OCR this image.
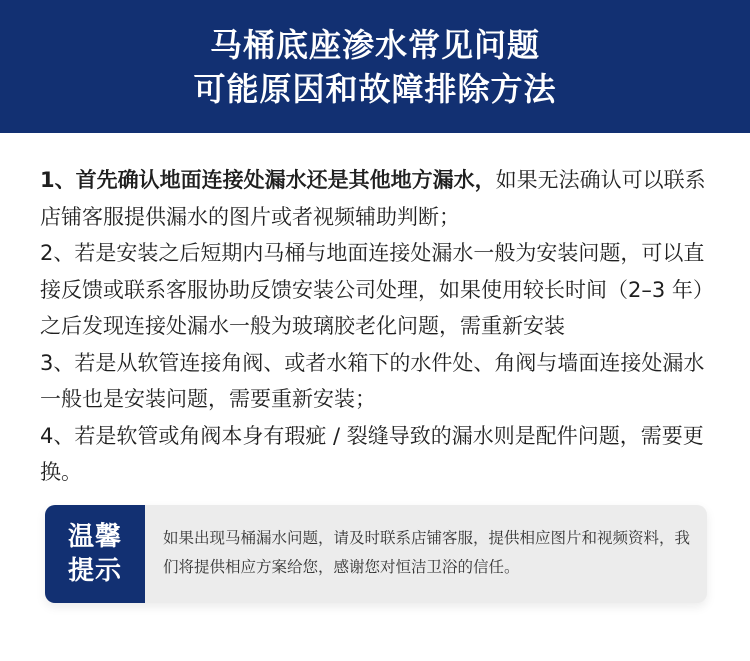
马桶底座渗水常见问题
可能原因和故障排除方法

1、首先确认地面连接处漏水还是其他地方漏水，如果无法确认可以联系店铺客服提供漏水的图片或者视频辅助判断；

2、若是安装之后短期内马桶与地面连接处漏水一般为安装问题，可以直接反馈或联系客服协助反馈安装公司处理，如果使用较长时间（2–3 年）之后发现连接处漏水一般为玻璃胶老化问题，需重新安装

3、若是从软管连接角阀、或者水箱下的水件处、角阀与墙面连接处漏水一般也是安装问题，需要重新安装；

4、若是软管或角阀本身有瑕疵 / 裂缝导致的漏水则是配件问题，需要更换。

温馨
提示

如果出现马桶漏水问题，请及时联系店铺客服，提供相应图片和视频资料，我们将提供相应方案给您，感谢您对恒洁卫浴的信任。
